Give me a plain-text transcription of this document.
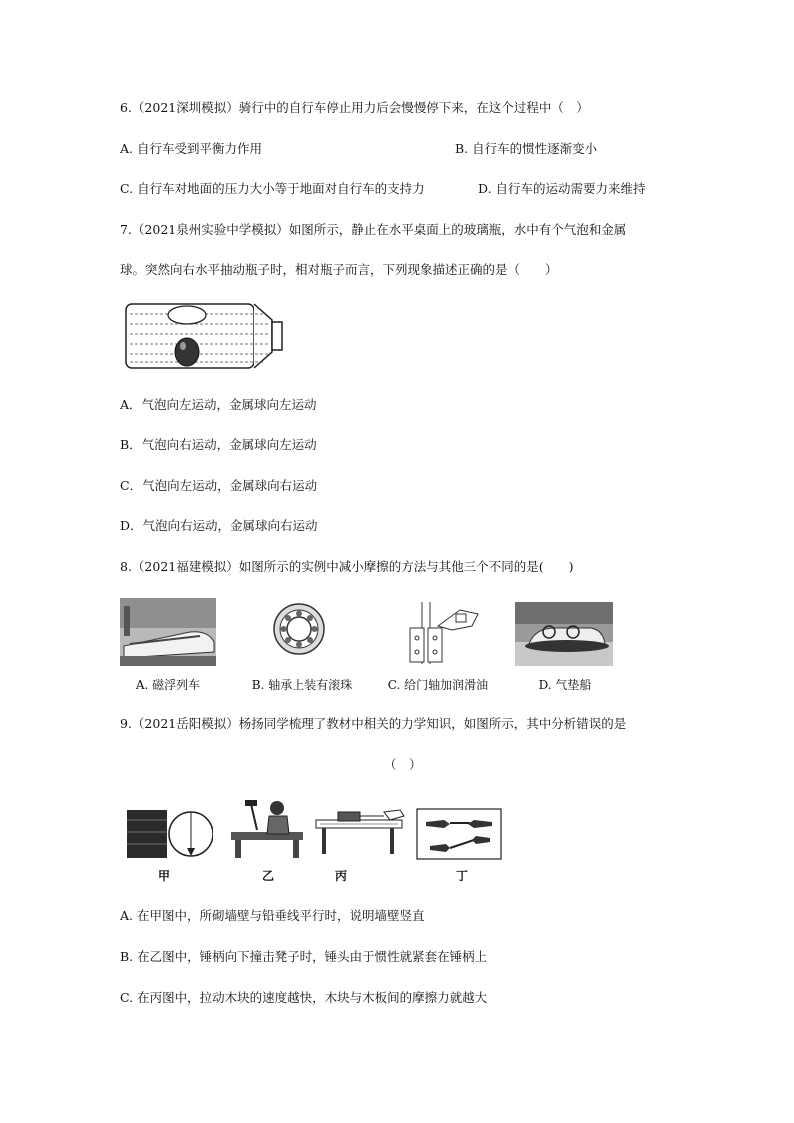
6.（2021深圳模拟）骑行中的自行车停止用力后会慢慢停下来，在这个过程中（　）
A. 自行车受到平衡力作用	B. 自行车的惯性逐渐变小
C. 自行车对地面的压力大小等于地面对自行车的支持力	D. 自行车的运动需要力来维持
7.（2021泉州实验中学模拟）如图所示，静止在水平桌面上的玻璃瓶，水中有个气泡和金属
球。突然向右水平抽动瓶子时，相对瓶子而言，下列现象描述正确的是（　　）
A．气泡向左运动，金属球向左运动
B．气泡向右运动，金属球向左运动
C．气泡向左运动，金属球向右运动
D．气泡向右运动，金属球向右运动
8.（2021福建模拟）如图所示的实例中减小摩擦的方法与其他三个不同的是(　　)
A. 磁浮列车	B. 轴承上装有滚珠	C. 给门轴加润滑油	D. 气垫船
9.（2021岳阳模拟）杨扬同学梳理了教材中相关的力学知识，如图所示，其中分析错误的是
（　）
甲	乙	丙	丁
A. 在甲图中，所砌墙壁与铅垂线平行时，说明墙壁竖直
B. 在乙图中，锤柄向下撞击凳子时，锤头由于惯性就紧套在锤柄上
C. 在丙图中，拉动木块的速度越快，木块与木板间的摩擦力就越大
